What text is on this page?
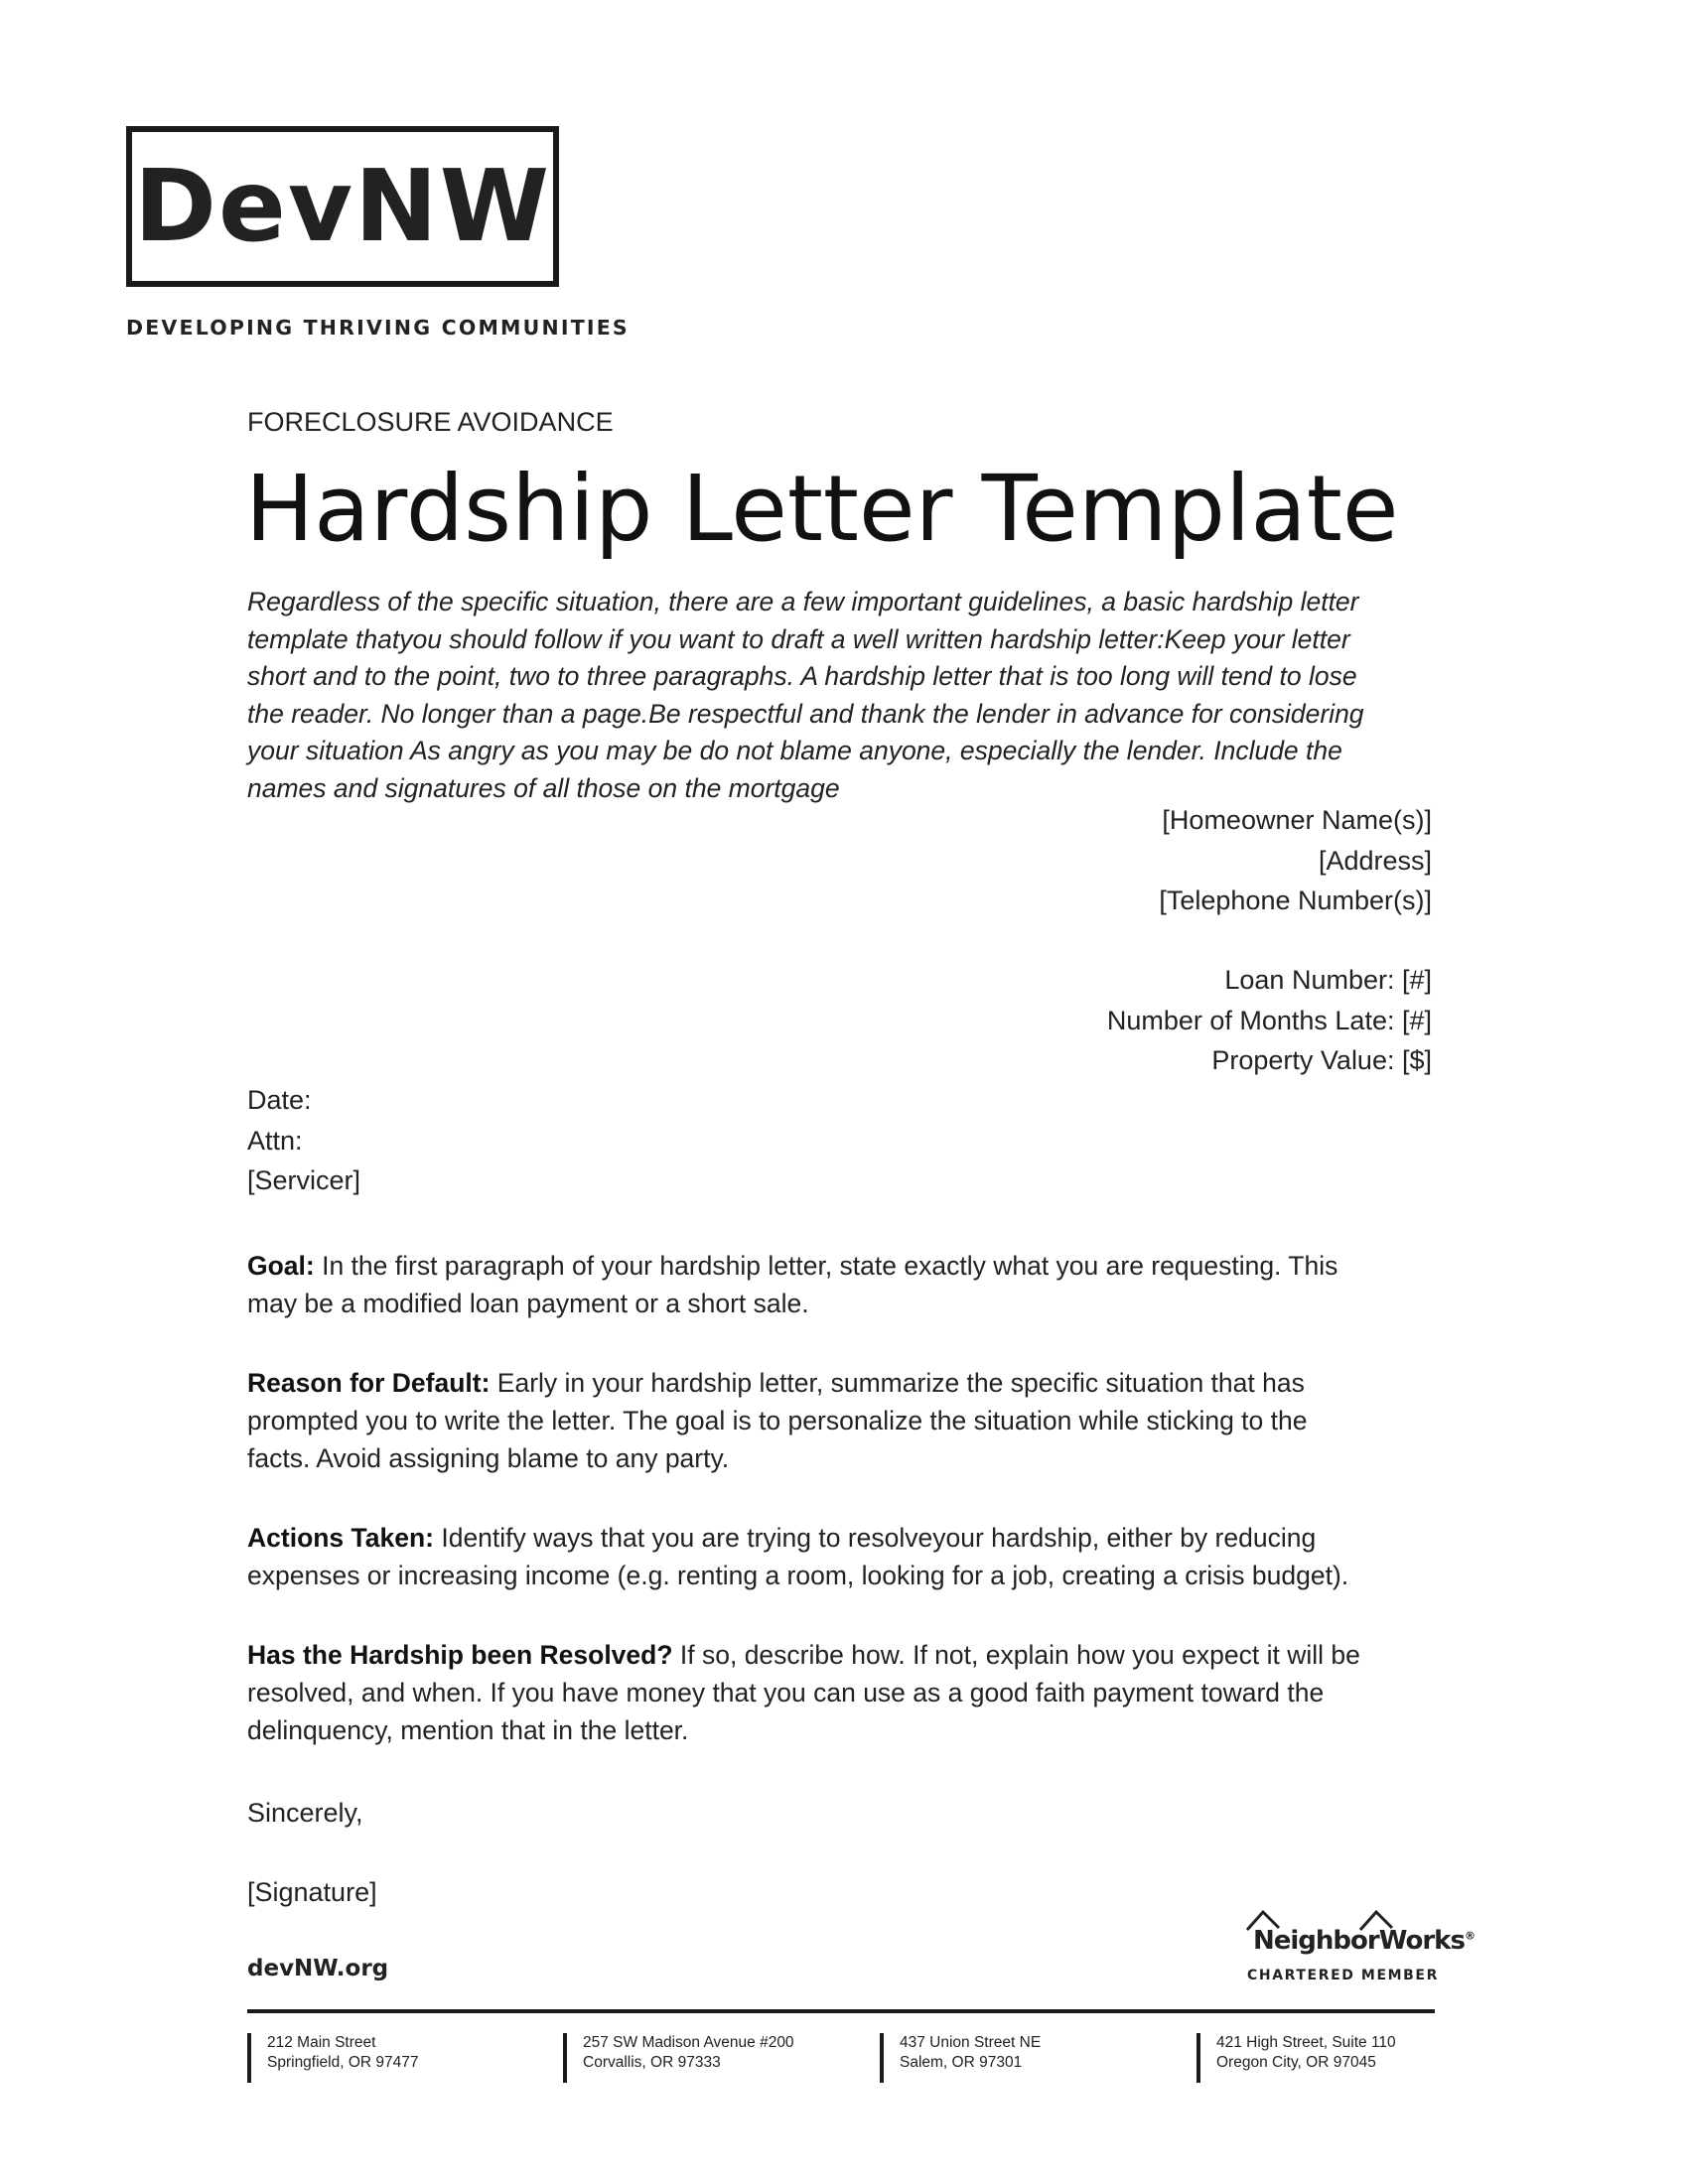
DevNW
DEVELOPING THRIVING COMMUNITIES
FORECLOSURE AVOIDANCE
Hardship Letter Template
Regardless of the specific situation, there are a few important guidelines, a basic hardship letter
template thatyou should follow if you want to draft a well written hardship letter:Keep your letter
short and to the point, two to three paragraphs. A hardship letter that is too long will tend to lose
the reader. No longer than a page.Be respectful and thank the lender in advance for considering
your situation As angry as you may be do not blame anyone, especially the lender. Include the
names and signatures of all those on the mortgage
[Homeowner Name(s)]
[Address]
[Telephone Number(s)]
Loan Number: [#]
Number of Months Late: [#]
Property Value: [$]
Date:
Attn:
[Servicer]
Goal: In the first paragraph of your hardship letter, state exactly what you are requesting. This
may be a modified loan payment or a short sale.
Reason for Default: Early in your hardship letter, summarize the specific situation that has
prompted you to write the letter. The goal is to personalize the situation while sticking to the
facts. Avoid assigning blame to any party.
Actions Taken: Identify ways that you are trying to resolveyour hardship, either by reducing
expenses or increasing income (e.g. renting a room, looking for a job, creating a crisis budget).
Has the Hardship been Resolved? If so, describe how. If not, explain how you expect it will be
resolved, and when. If you have money that you can use as a good faith payment toward the
delinquency, mention that in the letter.
Sincerely,
[Signature]
devNW.org
NeighborWorks®
CHARTERED MEMBER
212 Main Street
Springfield, OR 97477
257 SW Madison Avenue #200
Corvallis, OR 97333
437 Union Street NE
Salem, OR 97301
421 High Street, Suite 110
Oregon City, OR 97045
